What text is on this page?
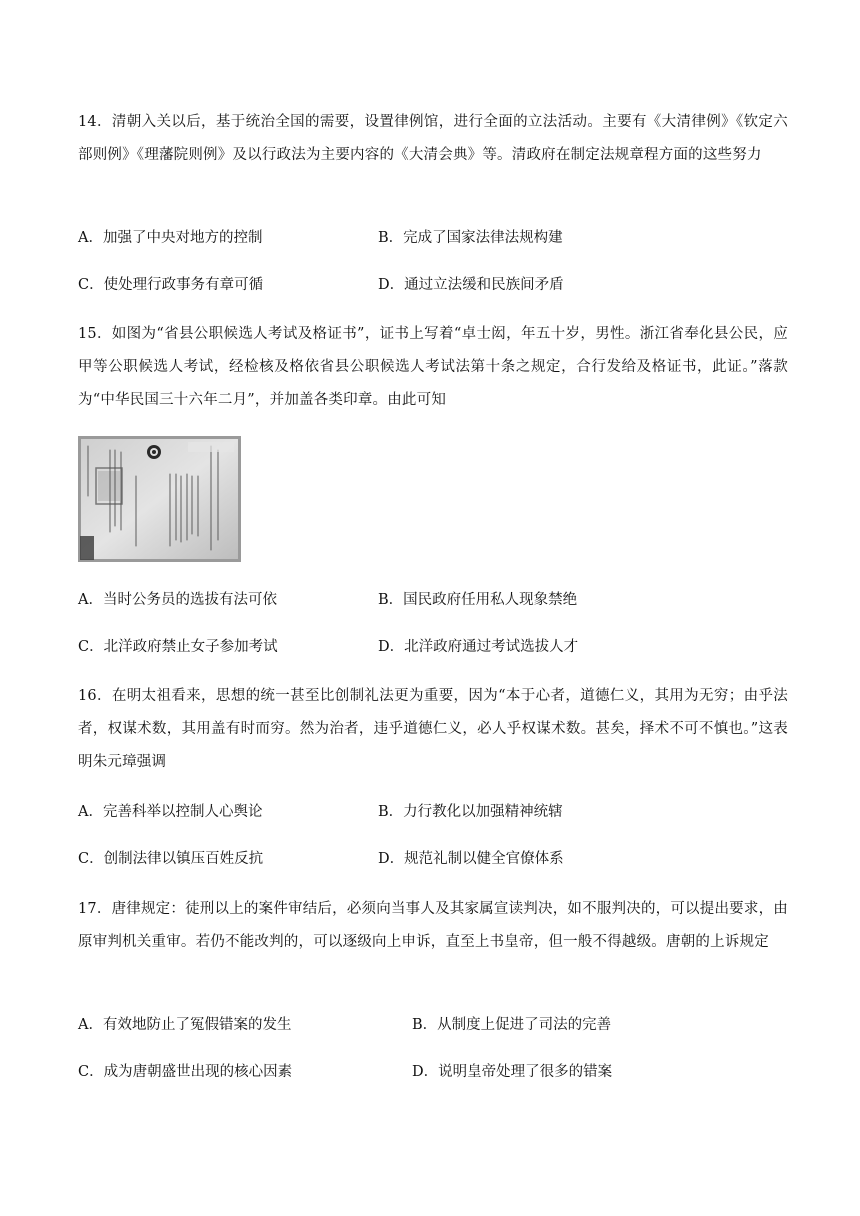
14．清朝入关以后，基于统治全国的需要，设置律例馆，进行全面的立法活动。主要有《大清律例》《钦定六部则例》《理藩院则例》及以行政法为主要内容的《大清会典》等。清政府在制定法规章程方面的这些努力

A．加强了中央对地方的控制	B．完成了国家法律法规构建
C．使处理行政事务有章可循	D．通过立法缓和民族间矛盾

15．如图为“省县公职候选人考试及格证书”，证书上写着“卓士闳，年五十岁，男性。浙江省奉化县公民，应甲等公职候选人考试，经检核及格依省县公职候选人考试法第十条之规定，合行发给及格证书，此证。”落款为“中华民国三十六年二月”，并加盖各类印章。由此可知

A．当时公务员的选拔有法可依	B．国民政府任用私人现象禁绝
C．北洋政府禁止女子参加考试	D．北洋政府通过考试选拔人才

16．在明太祖看来，思想的统一甚至比创制礼法更为重要，因为“本于心者，道德仁义，其用为无穷；由乎法者，权谋术数，其用盖有时而穷。然为治者，违乎道德仁义，必人乎权谋术数。甚矣，择术不可不慎也。”这表明朱元璋强调

A．完善科举以控制人心舆论	B．力行教化以加强精神统辖
C．创制法律以镇压百姓反抗	D．规范礼制以健全官僚体系

17．唐律规定：徒刑以上的案件审结后，必须向当事人及其家属宣读判决，如不服判决的，可以提出要求，由原审判机关重审。若仍不能改判的，可以逐级向上申诉，直至上书皇帝，但一般不得越级。唐朝的上诉规定

A．有效地防止了冤假错案的发生	B．从制度上促进了司法的完善
C．成为唐朝盛世出现的核心因素	D．说明皇帝处理了很多的错案
